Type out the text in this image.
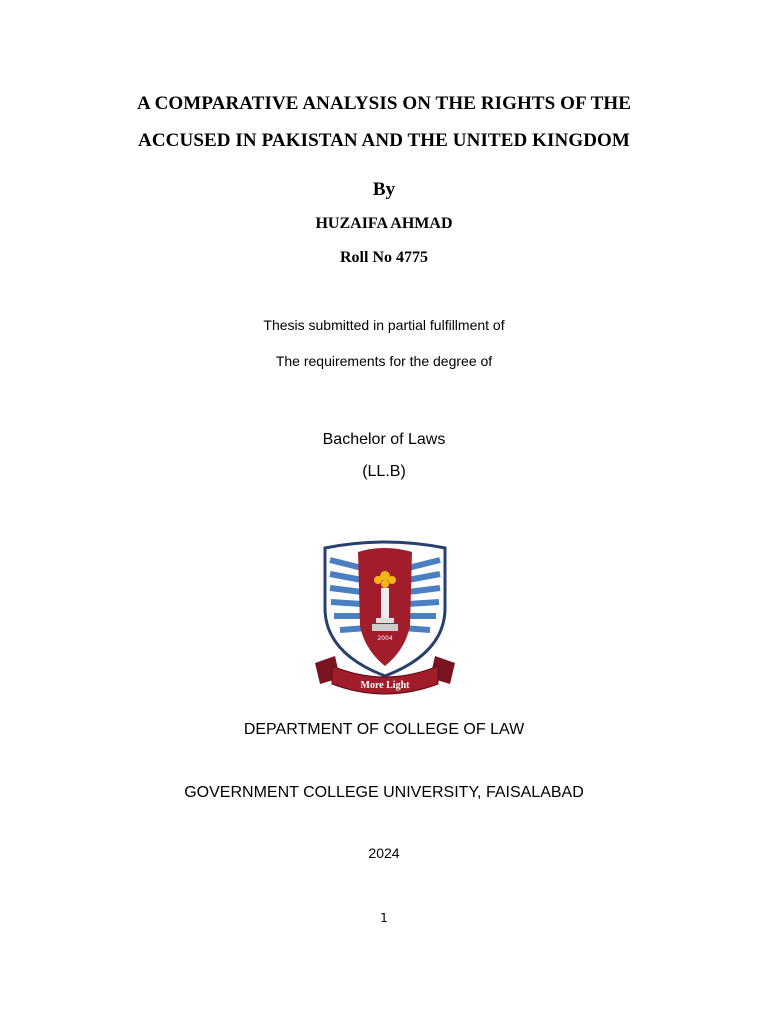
A COMPARATIVE ANALYSIS ON THE RIGHTS OF THE
ACCUSED IN PAKISTAN AND THE UNITED KINGDOM
By
HUZAIFA AHMAD
Roll No 4775
Thesis submitted in partial fulfillment of
The requirements for the degree of
Bachelor of Laws
(LL.B)
2004
More Light
DEPARTMENT OF COLLEGE OF LAW
GOVERNMENT COLLEGE UNIVERSITY, FAISALABAD
2024
1
